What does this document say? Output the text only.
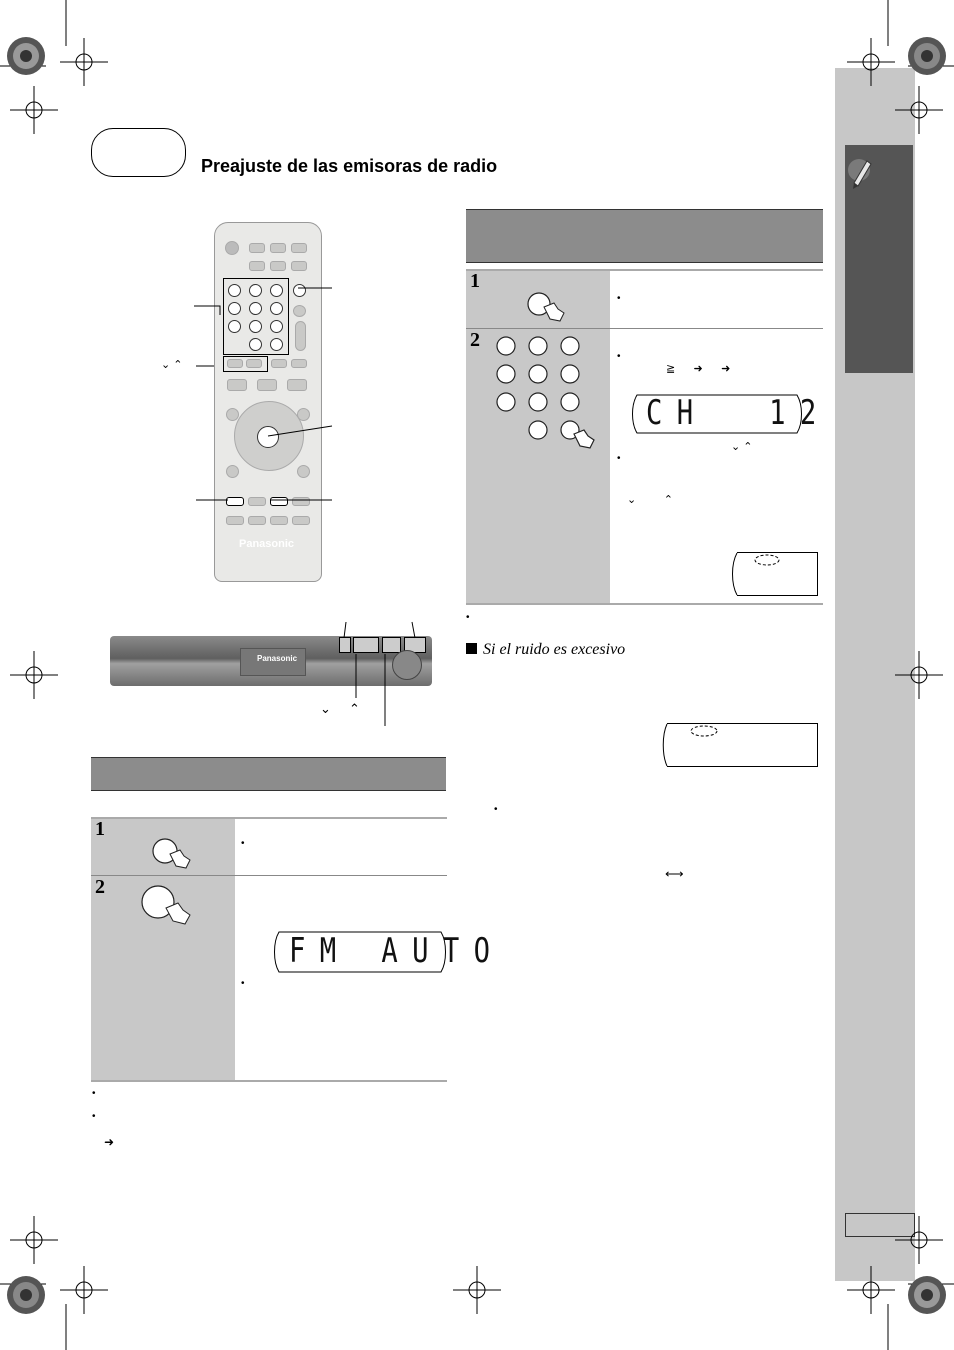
Preajuste de las emisoras de radio
Panasonic
⌄ ⌃
Panasonic
⌄     ⌃
1
2
•
•
FM AUTO
•
•
➜
1
2
•
•
≧      ➜      ➜
CH  12
⌄ ⌃
•
⌄         ⌃
•
Si el ruido es excesivo
•
⟷
